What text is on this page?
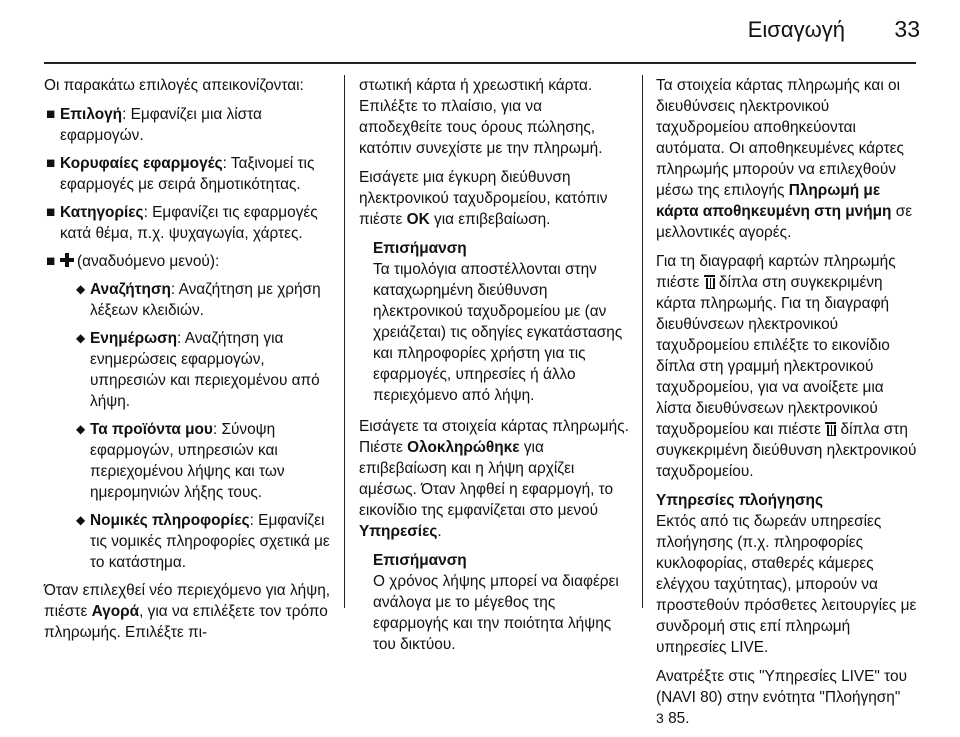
Εισαγωγή 33

Οι παρακάτω επιλογές απεικονίζονται:

■ Επιλογή: Εμφανίζει μια λίστα εφαρμογών.
■ Κορυφαίες εφαρμογές: Ταξινομεί τις εφαρμογές με σειρά δημοτικότητας.
■ Κατηγορίες: Εμφανίζει τις εφαρμογές κατά θέμα, π.χ. ψυχαγωγία, χάρτες.
■ (αναδυόμενο μενού):
◆ Αναζήτηση: Αναζήτηση με χρήση λέξεων κλειδιών.
◆ Ενημέρωση: Αναζήτηση για ενημερώσεις εφαρμογών, υπηρεσιών και περιεχομένου από λήψη.
◆ Τα προϊόντα μου: Σύνοψη εφαρμογών, υπηρεσιών και περιεχομένου λήψης και των ημερομηνιών λήξης τους.
◆ Νομικές πληροφορίες: Εμφανίζει τις νομικές πληροφορίες σχετικά με το κατάστημα.

Όταν επιλεχθεί νέο περιεχόμενο για λήψη, πιέστε Αγορά, για να επιλέξετε τον τρόπο πληρωμής. Επιλέξτε πι-

στωτική κάρτα ή χρεωστική κάρτα. Επιλέξτε το πλαίσιο, για να αποδεχθείτε τους όρους πώλησης, κατόπιν συνεχίστε με την πληρωμή.

Εισάγετε μια έγκυρη διεύθυνση ηλεκτρονικού ταχυδρομείου, κατόπιν πιέστε OK για επιβεβαίωση.

Επισήμανση
Τα τιμολόγια αποστέλλονται στην καταχωρημένη διεύθυνση ηλεκτρονικού ταχυδρομείου με (αν χρειάζεται) τις οδηγίες εγκατάστασης και πληροφορίες χρήστη για τις εφαρμογές, υπηρεσίες ή άλλο περιεχόμενο από λήψη.

Εισάγετε τα στοιχεία κάρτας πληρωμής. Πιέστε Ολοκληρώθηκε για επιβεβαίωση και η λήψη αρχίζει αμέσως. Όταν ληφθεί η εφαρμογή, το εικονίδιο της εμφανίζεται στο μενού Υπηρεσίες.

Επισήμανση
Ο χρόνος λήψης μπορεί να διαφέρει ανάλογα με το μέγεθος της εφαρμογής και την ποιότητα λήψης του δικτύου.

Τα στοιχεία κάρτας πληρωμής και οι διευθύνσεις ηλεκτρονικού ταχυδρομείου αποθηκεύονται αυτόματα. Οι αποθηκευμένες κάρτες πληρωμής μπορούν να επιλεχθούν μέσω της επιλογής Πληρωμή με κάρτα αποθηκευμένη στη μνήμη σε μελλοντικές αγορές.

Για τη διαγραφή καρτών πληρωμής πιέστε  δίπλα στη συγκεκριμένη κάρτα πληρωμής. Για τη διαγραφή διευθύνσεων ηλεκτρονικού ταχυδρομείου επιλέξτε το εικονίδιο δίπλα στη γραμμή ηλεκτρονικού ταχυδρομείου, για να ανοίξετε μια λίστα διευθύνσεων ηλεκτρονικού ταχυδρομείου και πιέστε  δίπλα στη συγκεκριμένη διεύθυνση ηλεκτρονικού ταχυδρομείου.

Υπηρεσίες πλοήγησης
Εκτός από τις δωρεάν υπηρεσίες πλοήγησης (π.χ. πληροφορίες κυκλοφορίας, σταθερές κάμερες ελέγχου ταχύτητας), μπορούν να προστεθούν πρόσθετες λειτουργίες με συνδρομή στις επί πληρωμή υπηρεσίες LIVE.

Ανατρέξτε στις "Υπηρεσίες LIVE" του (NAVI 80) στην ενότητα "Πλοήγηση"
3 85.
